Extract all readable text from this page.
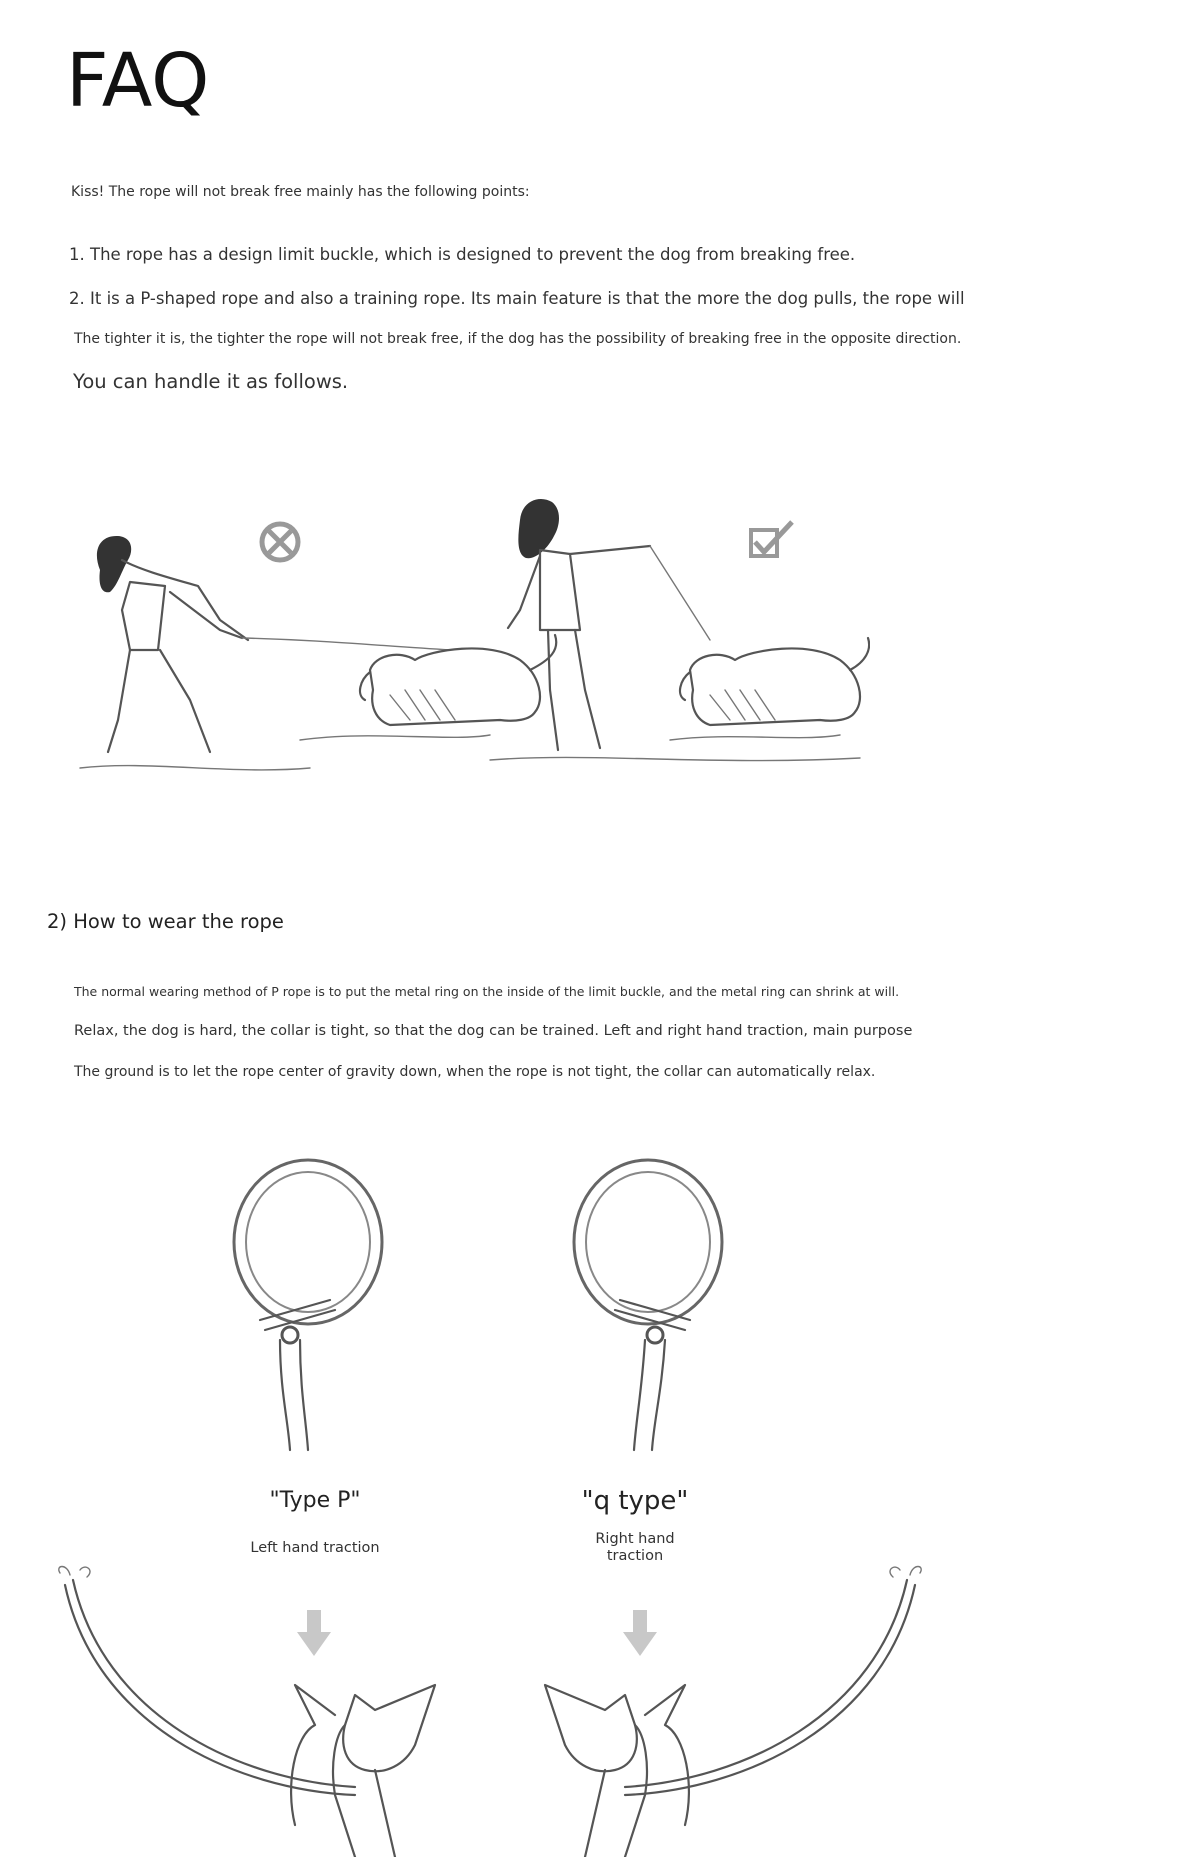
FAQ

Kiss! The rope will not break free mainly has the following points:

1. The rope has a design limit buckle, which is designed to prevent the dog from breaking free.

2. It is a P-shaped rope and also a training rope. Its main feature is that the more the dog pulls, the rope will

The tighter it is, the tighter the rope will not break free, if the dog has the possibility of breaking free in the opposite direction.

You can handle it as follows.

2) How to wear the rope

The normal wearing method of P rope is to put the metal ring on the inside of the limit buckle, and the metal ring can shrink at will.

Relax, the dog is hard, the collar is tight, so that the dog can be trained. Left and right hand traction, main purpose

The ground is to let the rope center of gravity down, when the rope is not tight, the collar can automatically relax.

"Type P"	"q type"
Left hand traction
Right hand traction
